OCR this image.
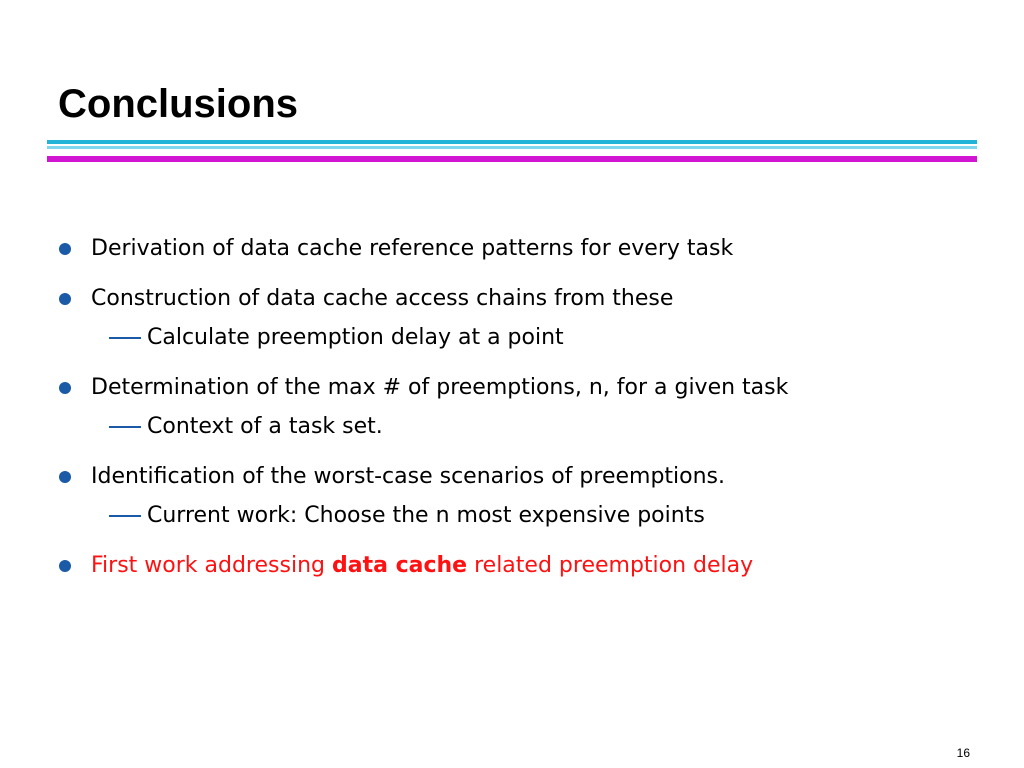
Conclusions
Derivation of data cache reference patterns for every task
Construction of data cache access chains from these
Calculate preemption delay at a point
Determination of the max # of preemptions, n, for a given task
Context of a task set.
Identification of the worst-case scenarios of preemptions.
Current work: Choose the n most expensive points
First work addressing data cache related preemption delay
16
